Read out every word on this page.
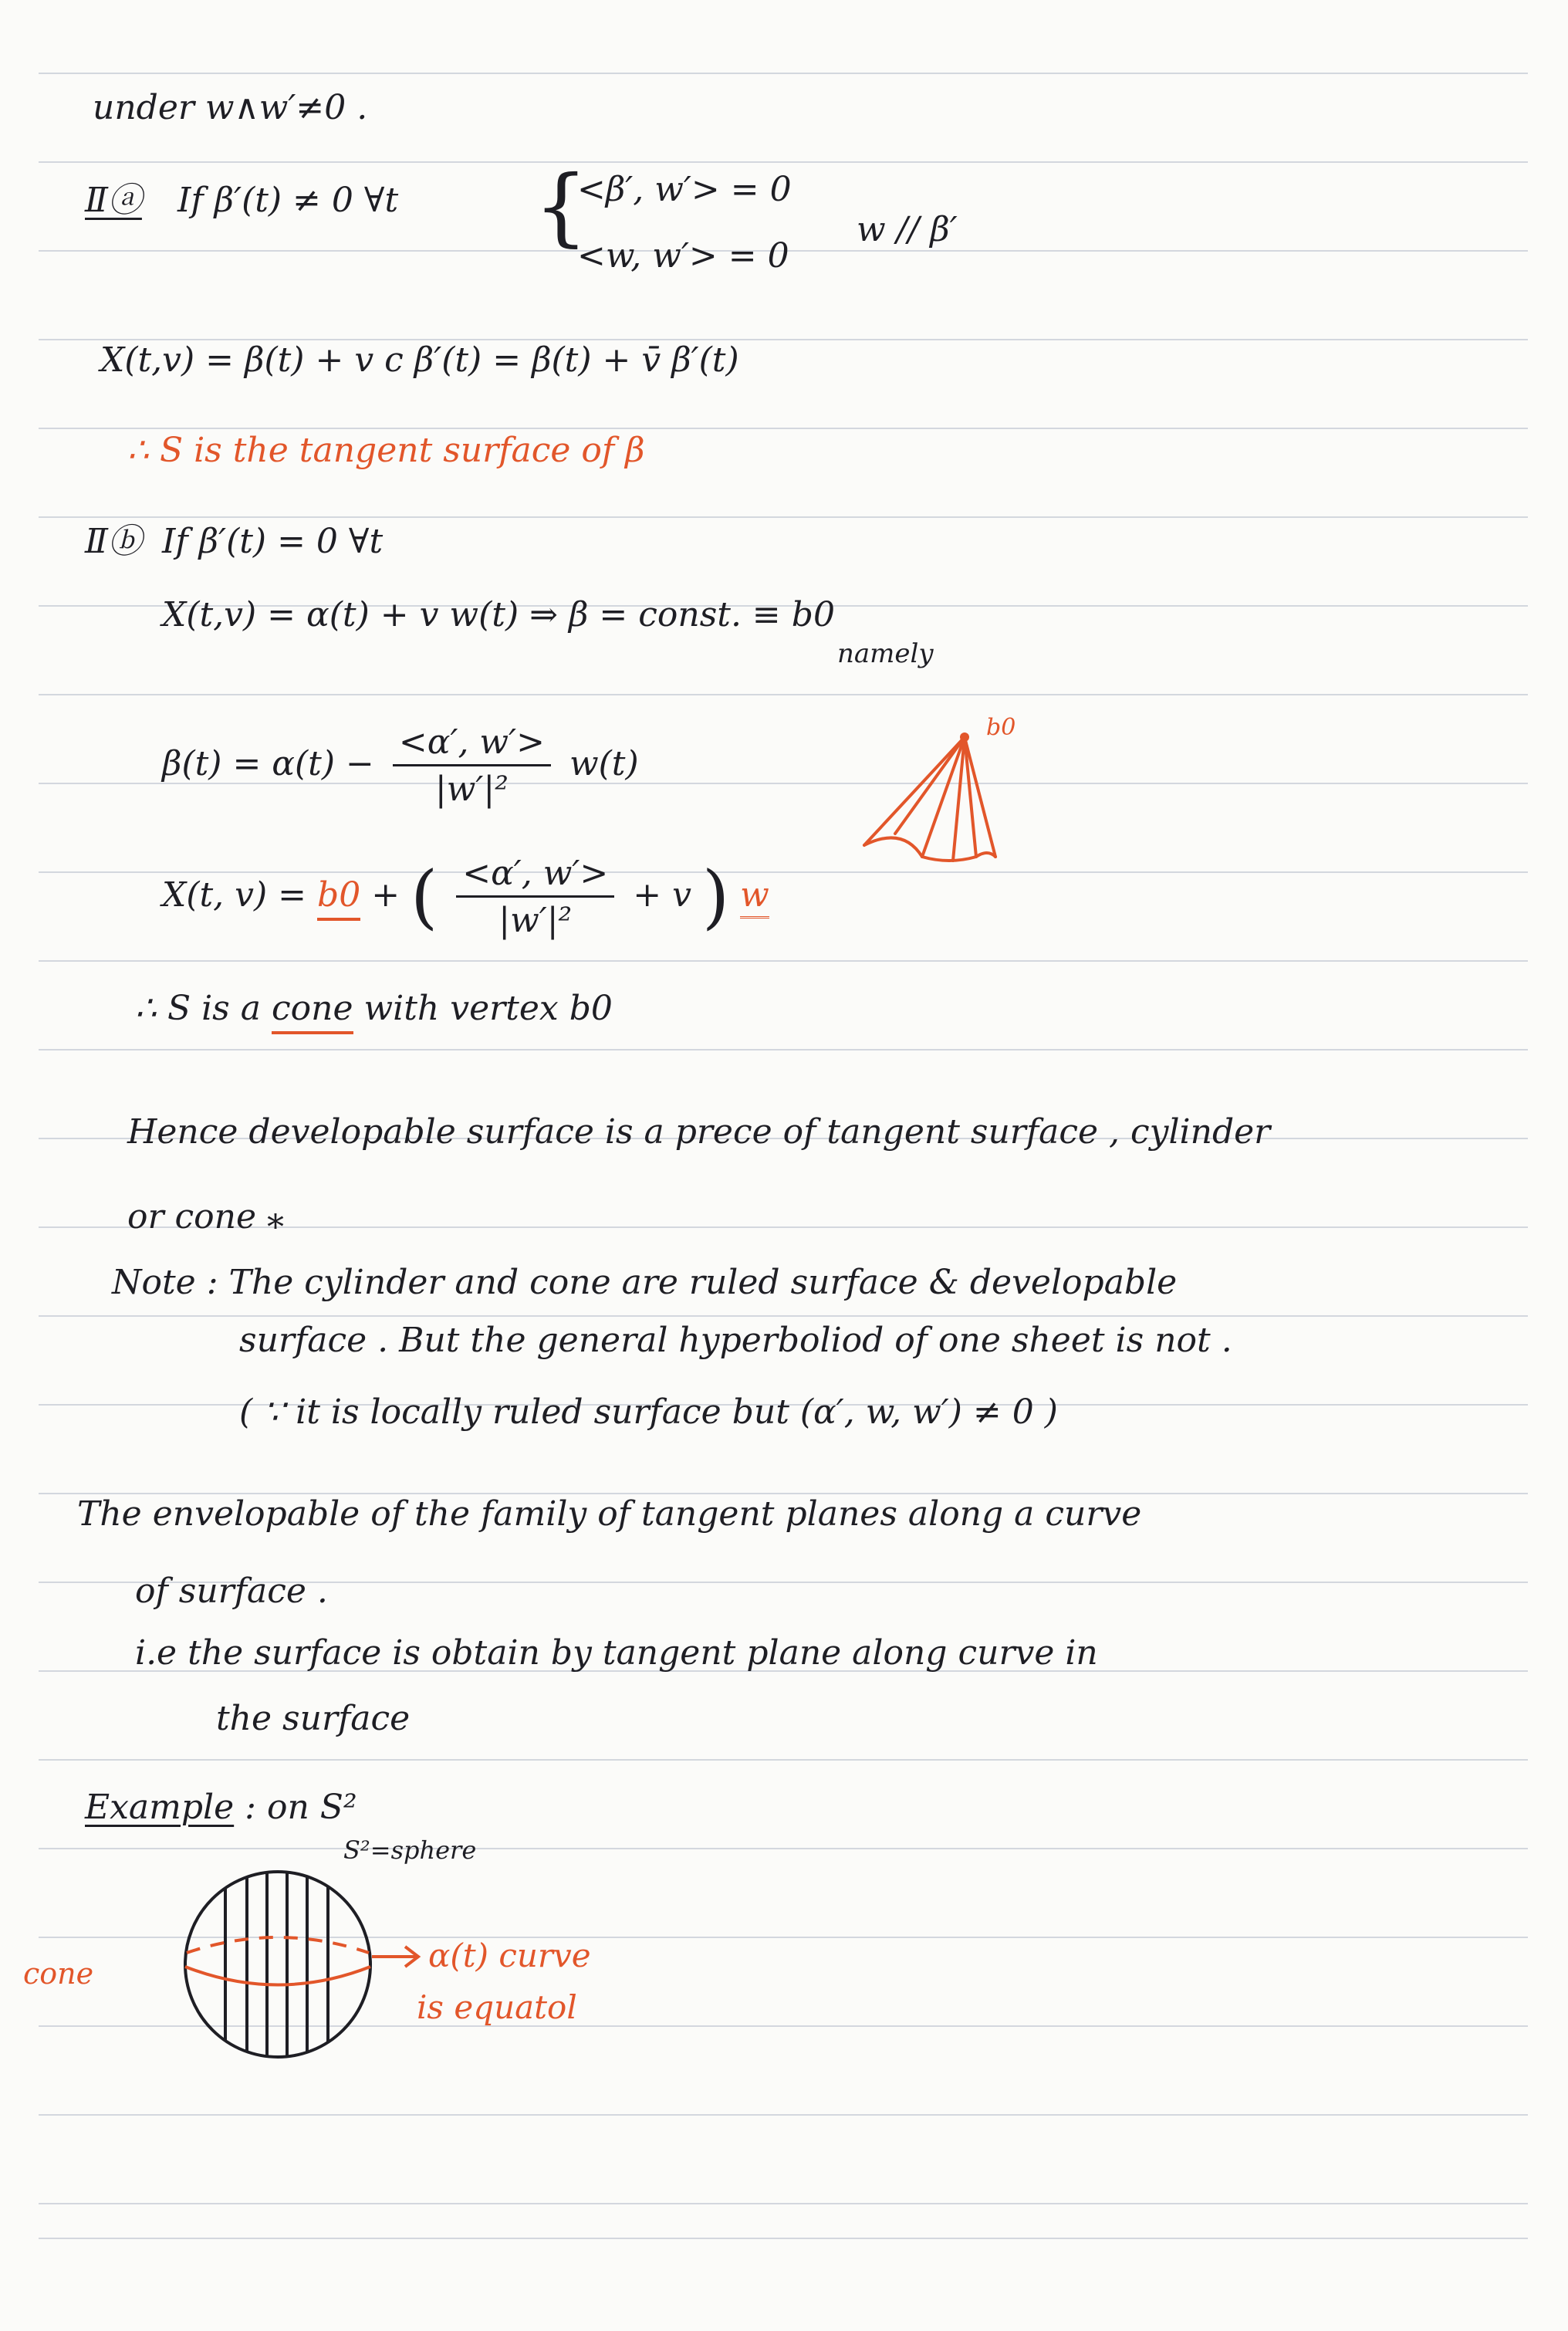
under w∧w′≠0 .
Ⅱⓐ If β′(t) ≠ 0 ∀t {
<β′, w′> = 0
<w, w′> = 0
w // β′
X(t,v) = β(t) + v c β′(t) = β(t) + v̄ β′(t)
∴ S is the tangent surface of β
Ⅱⓑ If β′(t) = 0 ∀t
X(t,v) = α(t) + v w(t) ⇒ β = const. ≡ b0
namely
$\beta(t) = \alpha(t) - \frac{<\alpha', w'>}{\text{|w′|²}} w(t)$
X(t, v) = b0 + ( $\frac{<\alpha', w'>}{\text{|w′|²}} + v$ ) w
b0
∴ S is a cone with vertex b0
Hence developable surface is a prece of tangent surface , cylinder
or cone ⁎
Note : The cylinder and cone are ruled surface & developable
surface . But the general hyperboliod of one sheet is not .
( ∵ it is locally ruled surface but (α′, w, w′) ≠ 0 )
The envelopable of the family of tangent planes along a curve
of surface .
i.e the surface is obtain by tangent plane along curve in
the surface
Example : on S²
S²=sphere
cone	α(t) curve
is equatol
